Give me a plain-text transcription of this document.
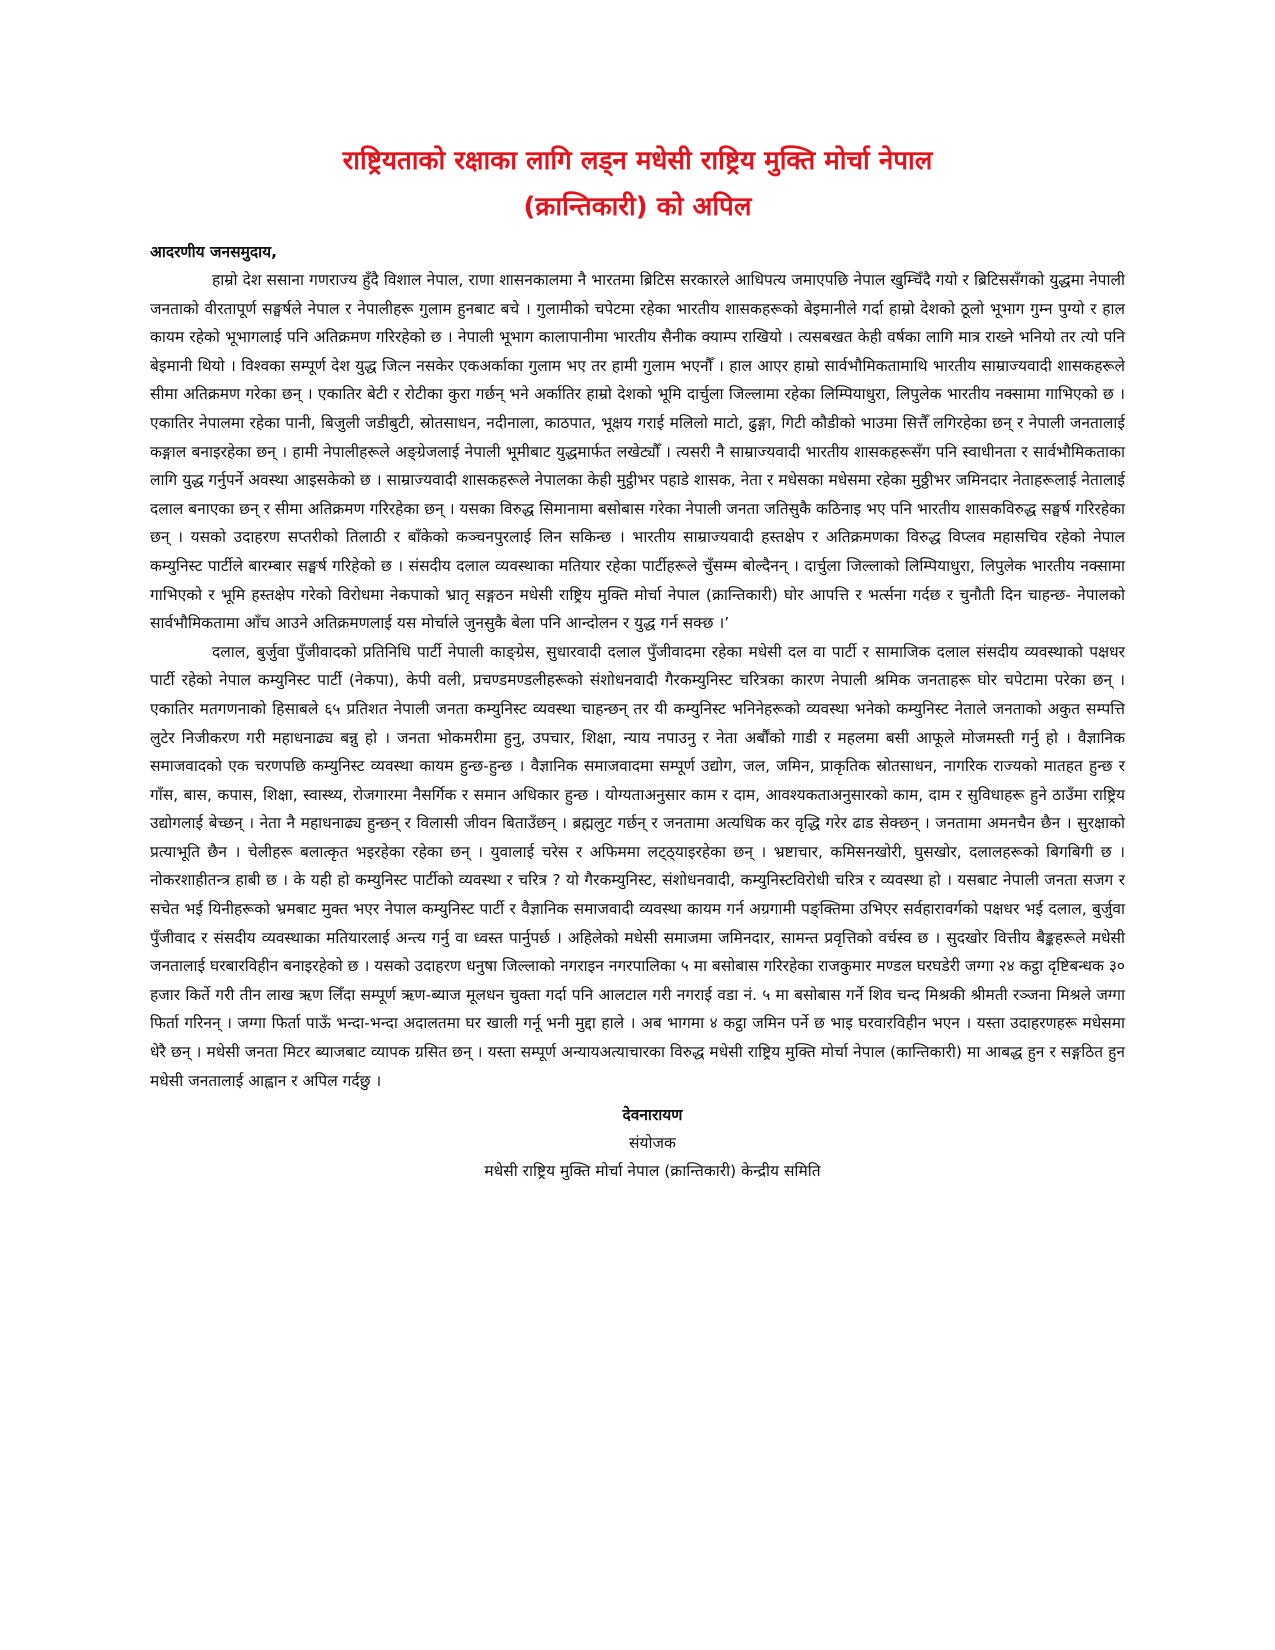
राष्ट्रियताको रक्षाका लागि लड्न मधेसी राष्ट्रिय मुक्ति मोर्चा नेपाल
(क्रान्तिकारी) को अपिल

आदरणीय जनसमुदाय,

हाम्रो देश ससाना गणराज्य हुँदै विशाल नेपाल, राणा शासनकालमा नै भारतमा ब्रिटिस सरकारले आधिपत्य जमाएपछि नेपाल खुम्चिँदै गयो र ब्रिटिससँगको युद्धमा नेपाली जनताको वीरतापूर्ण सङ्घर्षले नेपाल र नेपालीहरू गुलाम हुनबाट बचे । गुलामीको चपेटमा रहेका भारतीय शासकहरूको बेइमानीले गर्दा हाम्रो देशको ठूलो भूभाग गुम्न पुग्यो र हाल कायम रहेको भूभागलाई पनि अतिक्रमण गरिरहेको छ । नेपाली भूभाग कालापानीमा भारतीय सैनीक क्याम्प राखियो । त्यसबखत केही वर्षका लागि मात्र राख्ने भनियो तर त्यो पनि बेइमानी थियो । विश्वका सम्पूर्ण देश युद्ध जित्न नसकेर एकअर्काका गुलाम भए तर हामी गुलाम भएनौँ । हाल आएर हाम्रो सार्वभौमिकतामाथि भारतीय साम्राज्यवादी शासकहरूले सीमा अतिक्रमण गरेका छन् । एकातिर बेटी र रोटीका कुरा गर्छन् भने अर्कातिर हाम्रो देशको भूमि दार्चुला जिल्लामा रहेका लिम्पियाधुरा, लिपुलेक भारतीय नक्सामा गाभिएको छ । एकातिर नेपालमा रहेका पानी, बिजुली जडीबुटी, स्रोतसाधन, नदीनाला, काठपात, भूक्षय गराई मलिलो माटो, ढुङ्गा, गिटी कौडीको भाउमा सित्तैँ लगिरहेका छन् र नेपाली जनतालाई कङ्गाल बनाइरहेका छन् । हामी नेपालीहरूले अङ्ग्रेजलाई नेपाली भूमीबाट युद्धमार्फत लखेट्यौँ । त्यसरी नै साम्राज्यवादी भारतीय शासकहरूसँग पनि स्वाधीनता र सार्वभौमिकताका लागि युद्ध गर्नुपर्ने अवस्था आइसकेको छ । साम्राज्यवादी शासकहरूले नेपालका केही मुट्ठीभर पहाडे शासक, नेता र मधेसका मधेसमा रहेका मुठ्ठीभर जमिनदार नेताहरूलाई नेतालाई दलाल बनाएका छन् र सीमा अतिक्रमण गरिरहेका छन् । यसका विरुद्ध सिमानामा बसोबास गरेका नेपाली जनता जतिसुकै कठिनाइ भए पनि भारतीय शासकविरुद्ध सङ्घर्ष गरिरहेका छन् । यसको उदाहरण सप्तरीको तिलाठी र बाँकेको कञ्चनपुरलाई लिन सकिन्छ । भारतीय साम्राज्यवादी हस्तक्षेप र अतिक्रमणका विरुद्ध विप्लव महासचिव रहेको नेपाल कम्युनिस्ट पार्टीले बारम्बार सङ्घर्ष गरिहेको छ । संसदीय दलाल व्यवस्थाका मतियार रहेका पार्टीहरूले चुँसम्म बोल्दैनन् । दार्चुला जिल्लाको लिम्पियाधुरा, लिपुलेक भारतीय नक्सामा गाभिएको र भूमि हस्तक्षेप गरेको विरोधमा नेकपाको भ्रातृ सङ्गठन मधेसी राष्ट्रिय मुक्ति मोर्चा नेपाल (क्रान्तिकारी) घोर आपत्ति र भर्त्सना गर्दछ र चुनौती दिन चाहन्छ- नेपालको सार्वभौमिकतामा आँच आउने अतिक्रमणलाई यस मोर्चाले जुनसुकै बेला पनि आन्दोलन र युद्ध गर्न सक्छ ।’

दलाल, बुर्जुवा पुँजीवादको प्रतिनिधि पार्टी नेपाली काङ्ग्रेस, सुधारवादी दलाल पुँजीवादमा रहेका मधेसी दल वा पार्टी र सामाजिक दलाल संसदीय व्यवस्थाको पक्षधर पार्टी रहेको नेपाल कम्युनिस्ट पार्टी (नेकपा), केपी वली, प्रचण्डमण्डलीहरूको संशोधनवादी गैरकम्युनिस्ट चरित्रका कारण नेपाली श्रमिक जनताहरू घोर चपेटामा परेका छन् । एकातिर मतगणनाको हिसाबले ६५ प्रतिशत नेपाली जनता कम्युनिस्ट व्यवस्था चाहन्छन् तर यी कम्युनिस्ट भनिनेहरूको व्यवस्था भनेको कम्युनिस्ट नेताले जनताको अकुत सम्पत्ति लुटेर निजीकरण गरी महाधनाढ्य बन्नु हो । जनता भोकमरीमा हुनु, उपचार, शिक्षा, न्याय नपाउनु र नेता अर्बौंको गाडी र महलमा बसी आफूले मोजमस्ती गर्नु हो । वैज्ञानिक समाजवादको एक चरणपछि कम्युनिस्ट व्यवस्था कायम हुन्छ-हुन्छ । वैज्ञानिक समाजवादमा सम्पूर्ण उद्योग, जल, जमिन, प्राकृतिक स्रोतसाधन, नागरिक राज्यको मातहत हुन्छ र गाँस, बास, कपास, शिक्षा, स्वास्थ्य, रोजगारमा नैसर्गिक र समान अधिकार हुन्छ । योग्यताअनुसार काम र दाम, आवश्यकताअनुसारको काम, दाम र सुविधाहरू हुने ठाउँमा राष्ट्रिय उद्योगलाई बेच्छन् । नेता नै महाधनाढ्य हुन्छन् र विलासी जीवन बिताउँछन् । ब्रह्मलुट गर्छन् र जनतामा अत्यधिक कर वृद्धि गरेर ढाड सेक्छन् । जनतामा अमनचैन छैन । सुरक्षाको प्रत्याभूति छैन । चेलीहरू बलात्कृत भइरहेका रहेका छन् । युवालाई चरेस र अफिममा लट्ठ्याइरहेका छन् । भ्रष्टाचार, कमिसनखोरी, घुसखोर, दलालहरूको बिगबिगी छ । नोकरशाहीतन्त्र हाबी छ । के यही हो कम्युनिस्ट पार्टीको व्यवस्था र चरित्र ? यो गैरकम्युनिस्ट, संशोधनवादी, कम्युनिस्टविरोधी चरित्र र व्यवस्था हो । यसबाट नेपाली जनता सजग र सचेत भई यिनीहरूको भ्रमबाट मुक्त भएर नेपाल कम्युनिस्ट पार्टी र वैज्ञानिक समाजवादी व्यवस्था कायम गर्न अग्रगामी पङ्क्तिमा उभिएर सर्वहारावर्गको पक्षधर भई दलाल, बुर्जुवा पुँजीवाद र संसदीय व्यवस्थाका मतियारलाई अन्त्य गर्नु वा ध्वस्त पार्नुपर्छ । अहिलेको मधेसी समाजमा जमिनदार, सामन्त प्रवृत्तिको वर्चस्व छ । सुदखोर वित्तीय बैङ्कहरूले मधेसी जनतालाई घरबारविहीन बनाइरहेको छ । यसको उदाहरण धनुषा जिल्लाको नगराइन नगरपालिका ५ मा बसोबास गरिरहेका राजकुमार मण्डल घरघडेरी जग्गा २४ कट्ठा दृष्टिबन्धक ३० हजार किर्ते गरी तीन लाख ऋण लिँदा सम्पूर्ण ऋण-ब्याज मूलधन चुक्ता गर्दा पनि आलटाल गरी नगराई वडा नं. ५ मा बसोबास गर्ने शिव चन्द मिश्रकी श्रीमती रञ्जना मिश्रले जग्गा फिर्ता गरिनन् । जग्गा फिर्ता पाऊँ भन्दा-भन्दा अदालतमा घर खाली गर्नू भनी मुद्दा हाले । अब भागमा ४ कट्ठा जमिन पर्ने छ भाइ घरवारविहीन भएन । यस्ता उदाहरणहरू मधेसमा धेरै छन् । मधेसी जनता मिटर ब्याजबाट व्यापक ग्रसित छन् । यस्ता सम्पूर्ण अन्यायअत्याचारका विरुद्ध मधेसी राष्ट्रिय मुक्ति मोर्चा नेपाल (कान्तिकारी) मा आबद्ध हुन र सङ्गठित हुन मधेसी जनतालाई आह्वान र अपिल गर्दछु ।

देवनारायण
संयोजक
मधेसी राष्ट्रिय मुक्ति मोर्चा नेपाल (क्रान्तिकारी) केन्द्रीय समिति
